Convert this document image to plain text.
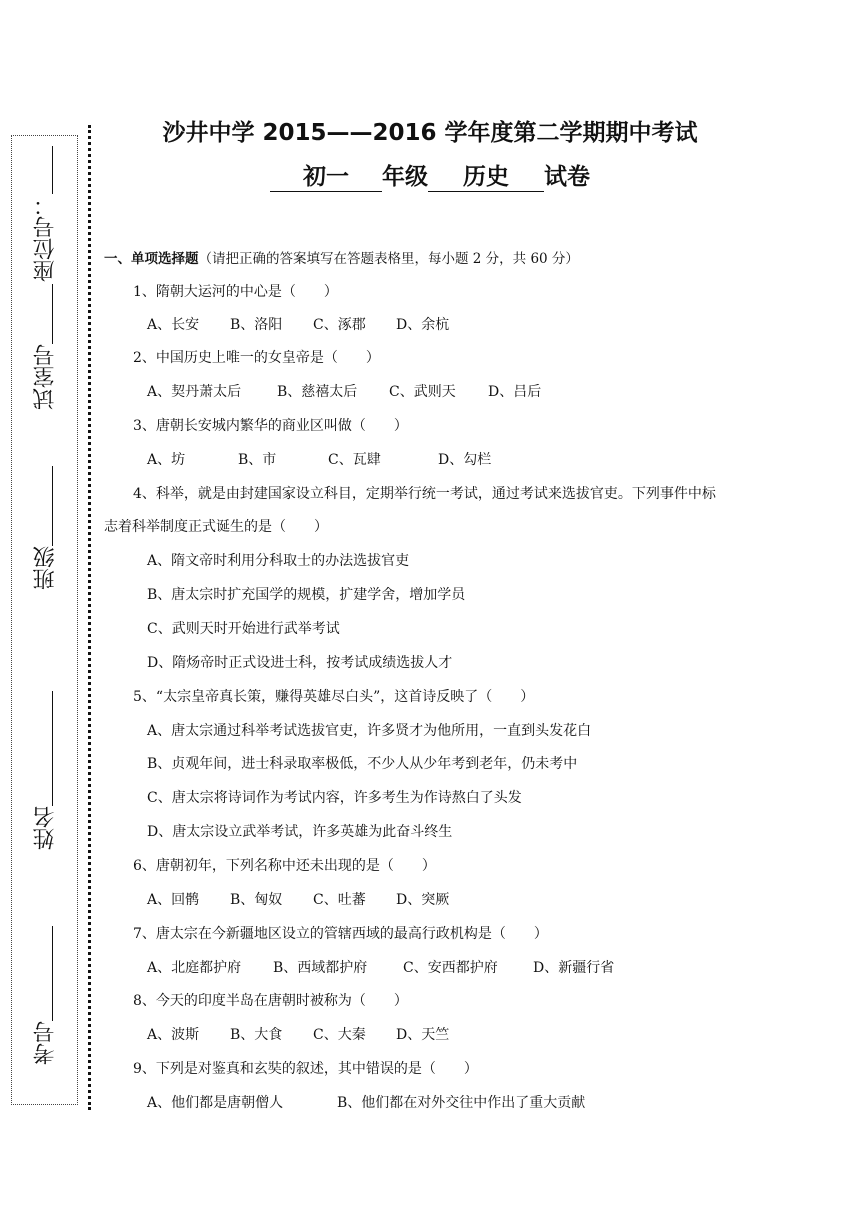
座位号：
试室号
班级
姓名
考号
沙井中学 2015——2016 学年度第二学期期中考试
初一 年级 历史 试卷
一、单项选择题（请把正确的答案填写在答题表格里，每小题 2 分，共 60 分）
1、隋朝大运河的中心是（　　）
A、长安 B、洛阳 C、涿郡 D、余杭
2、中国历史上唯一的女皇帝是（　　）
A、契丹萧太后	B、慈禧太后 C、武则天 D、吕后
3、唐朝长安城内繁华的商业区叫做（　　）
A、坊	B、市	C、瓦肆	D、勾栏
4、科举，就是由封建国家设立科目，定期举行统一考试，通过考试来选拔官吏。下列事件中标
志着科举制度正式诞生的是（　　）
A、隋文帝时利用分科取士的办法选拔官吏
B、唐太宗时扩充国学的规模，扩建学舍，增加学员
C、武则天时开始进行武举考试
D、隋炀帝时正式设进士科，按考试成绩选拔人才
5、“太宗皇帝真长策，赚得英雄尽白头”，这首诗反映了（　　）
A、唐太宗通过科举考试选拔官吏，许多贤才为他所用，一直到头发花白
B、贞观年间，进士科录取率极低，不少人从少年考到老年，仍未考中
C、唐太宗将诗词作为考试内容，许多考生为作诗熬白了头发
D、唐太宗设立武举考试，许多英雄为此奋斗终生
6、唐朝初年，下列名称中还未出现的是（　　）
A、回鹘 B、匈奴 C、吐蕃 D、突厥
7、唐太宗在今新疆地区设立的管辖西域的最高行政机构是（　　）
A、北庭都护府 B、西域都护府	C、安西都护府	D、新疆行省
8、今天的印度半岛在唐朝时被称为（　　）
A、波斯 B、大食 C、大秦 D、天竺
9、下列是对鉴真和玄奘的叙述，其中错误的是（　　）
A、他们都是唐朝僧人	B、他们都在对外交往中作出了重大贡献
